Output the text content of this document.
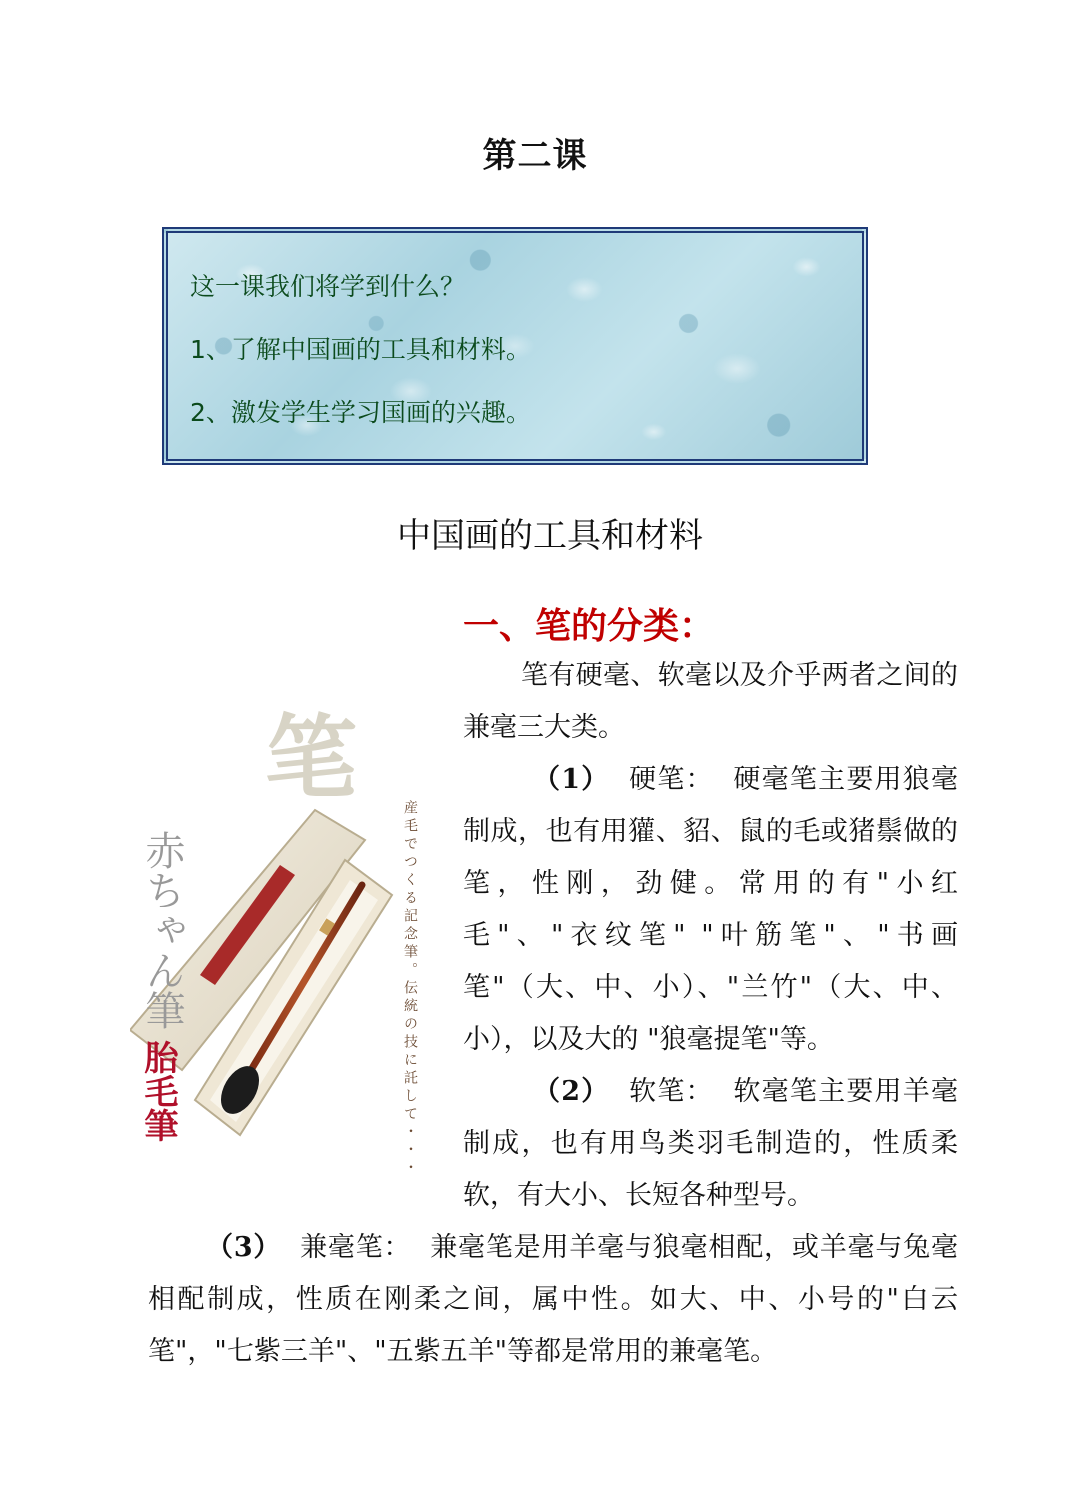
第二课
这一课我们将学到什么？
1、了解中国画的工具和材料。
2、激发学生学习国画的兴趣。
中国画的工具和材料
笔
赤ちゃん筆
胎毛筆	産毛でつくる記念筆。伝統の技に託して・・・
一、笔的分类：

笔有硬毫、软毫以及介乎两者之间的兼毫三大类。

（1） 硬笔： 硬毫笔主要用狼毫制成，也有用獾、貂、鼠的毛或猪鬃做的笔，性刚，劲健。常用的有"小红毛"、"衣纹笔" "叶筋笔"、"书画笔"（大、中、小）、"兰竹"（大、中、小），以及大的 "狼毫提笔"等。

（2） 软笔： 软毫笔主要用羊毫制成，也有用鸟类羽毛制造的，性质柔软，有大小、长短各种型号。

（3） 兼毫笔： 兼毫笔是用羊毫与狼毫相配，或羊毫与兔毫相配制成，性质在刚柔之间，属中性。如大、中、小号的"白云笔"，"七紫三羊"、"五紫五羊"等都是常用的兼毫笔。
